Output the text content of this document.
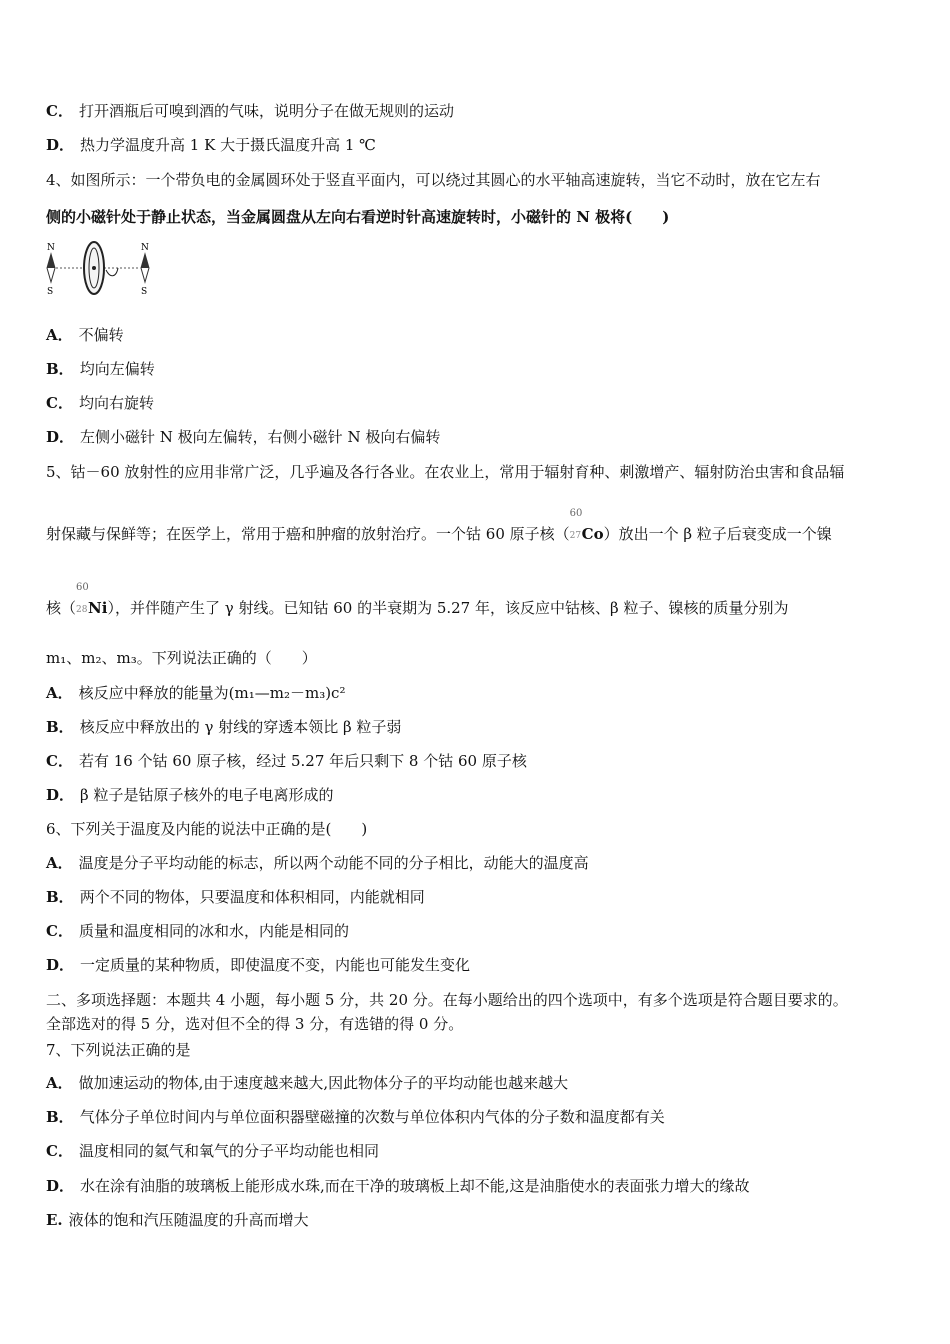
C． 打开酒瓶后可嗅到酒的气味，说明分子在做无规则的运动
D． 热力学温度升高 1 K 大于摄氏温度升高 1 ℃
4、如图所示：一个带负电的金属圆环处于竖直平面内，可以绕过其圆心的水平轴高速旋转，当它不动时，放在它左右
侧的小磁针处于静止状态，当金属圆盘从左向右看逆时针高速旋转时，小磁针的 N 极将(　　)
N
S
N
S
A． 不偏转
B． 均向左偏转
C． 均向右旋转
D． 左侧小磁针 N 极向左偏转，右侧小磁针 N 极向右偏转
5、钴－60 放射性的应用非常广泛，几乎遍及各行各业。在农业上，常用于辐射育种、刺激增产、辐射防治虫害和食品辐
射保藏与保鲜等；在医学上，常用于癌和肿瘤的放射治疗。一个钴 60 原子核（
60
27 Co）放出一个 β 粒子后衰变成一个镍
核（
60
28 Ni），并伴随产生了 γ 射线。已知钴 60 的半衰期为 5.27 年，该反应中钴核、β 粒子、镍核的质量分别为
m₁、m₂、m₃。下列说法正确的（　　）
A． 核反应中释放的能量为(m₁—m₂－m₃)c²
B． 核反应中释放出的 γ 射线的穿透本领比 β 粒子弱
C． 若有 16 个钴 60 原子核，经过 5.27 年后只剩下 8 个钴 60 原子核
D． β 粒子是钴原子核外的电子电离形成的
6、下列关于温度及内能的说法中正确的是(　　)
A． 温度是分子平均动能的标志，所以两个动能不同的分子相比，动能大的温度高
B． 两个不同的物体，只要温度和体积相同，内能就相同
C． 质量和温度相同的冰和水，内能是相同的
D． 一定质量的某种物质，即使温度不变，内能也可能发生变化
二、多项选择题：本题共 4 小题，每小题 5 分，共 20 分。在每小题给出的四个选项中，有多个选项是符合题目要求的。
全部选对的得 5 分，选对但不全的得 3 分，有选错的得 0 分。
7、下列说法正确的是
A． 做加速运动的物体,由于速度越来越大,因此物体分子的平均动能也越来越大
B． 气体分子单位时间内与单位面积器壁磁撞的次数与单位体积内气体的分子数和温度都有关
C． 温度相同的氦气和氧气的分子平均动能也相同
D． 水在涂有油脂的玻璃板上能形成水珠,而在干净的玻璃板上却不能,这是油脂使水的表面张力增大的缘故
E. 液体的饱和汽压随温度的升高而增大
